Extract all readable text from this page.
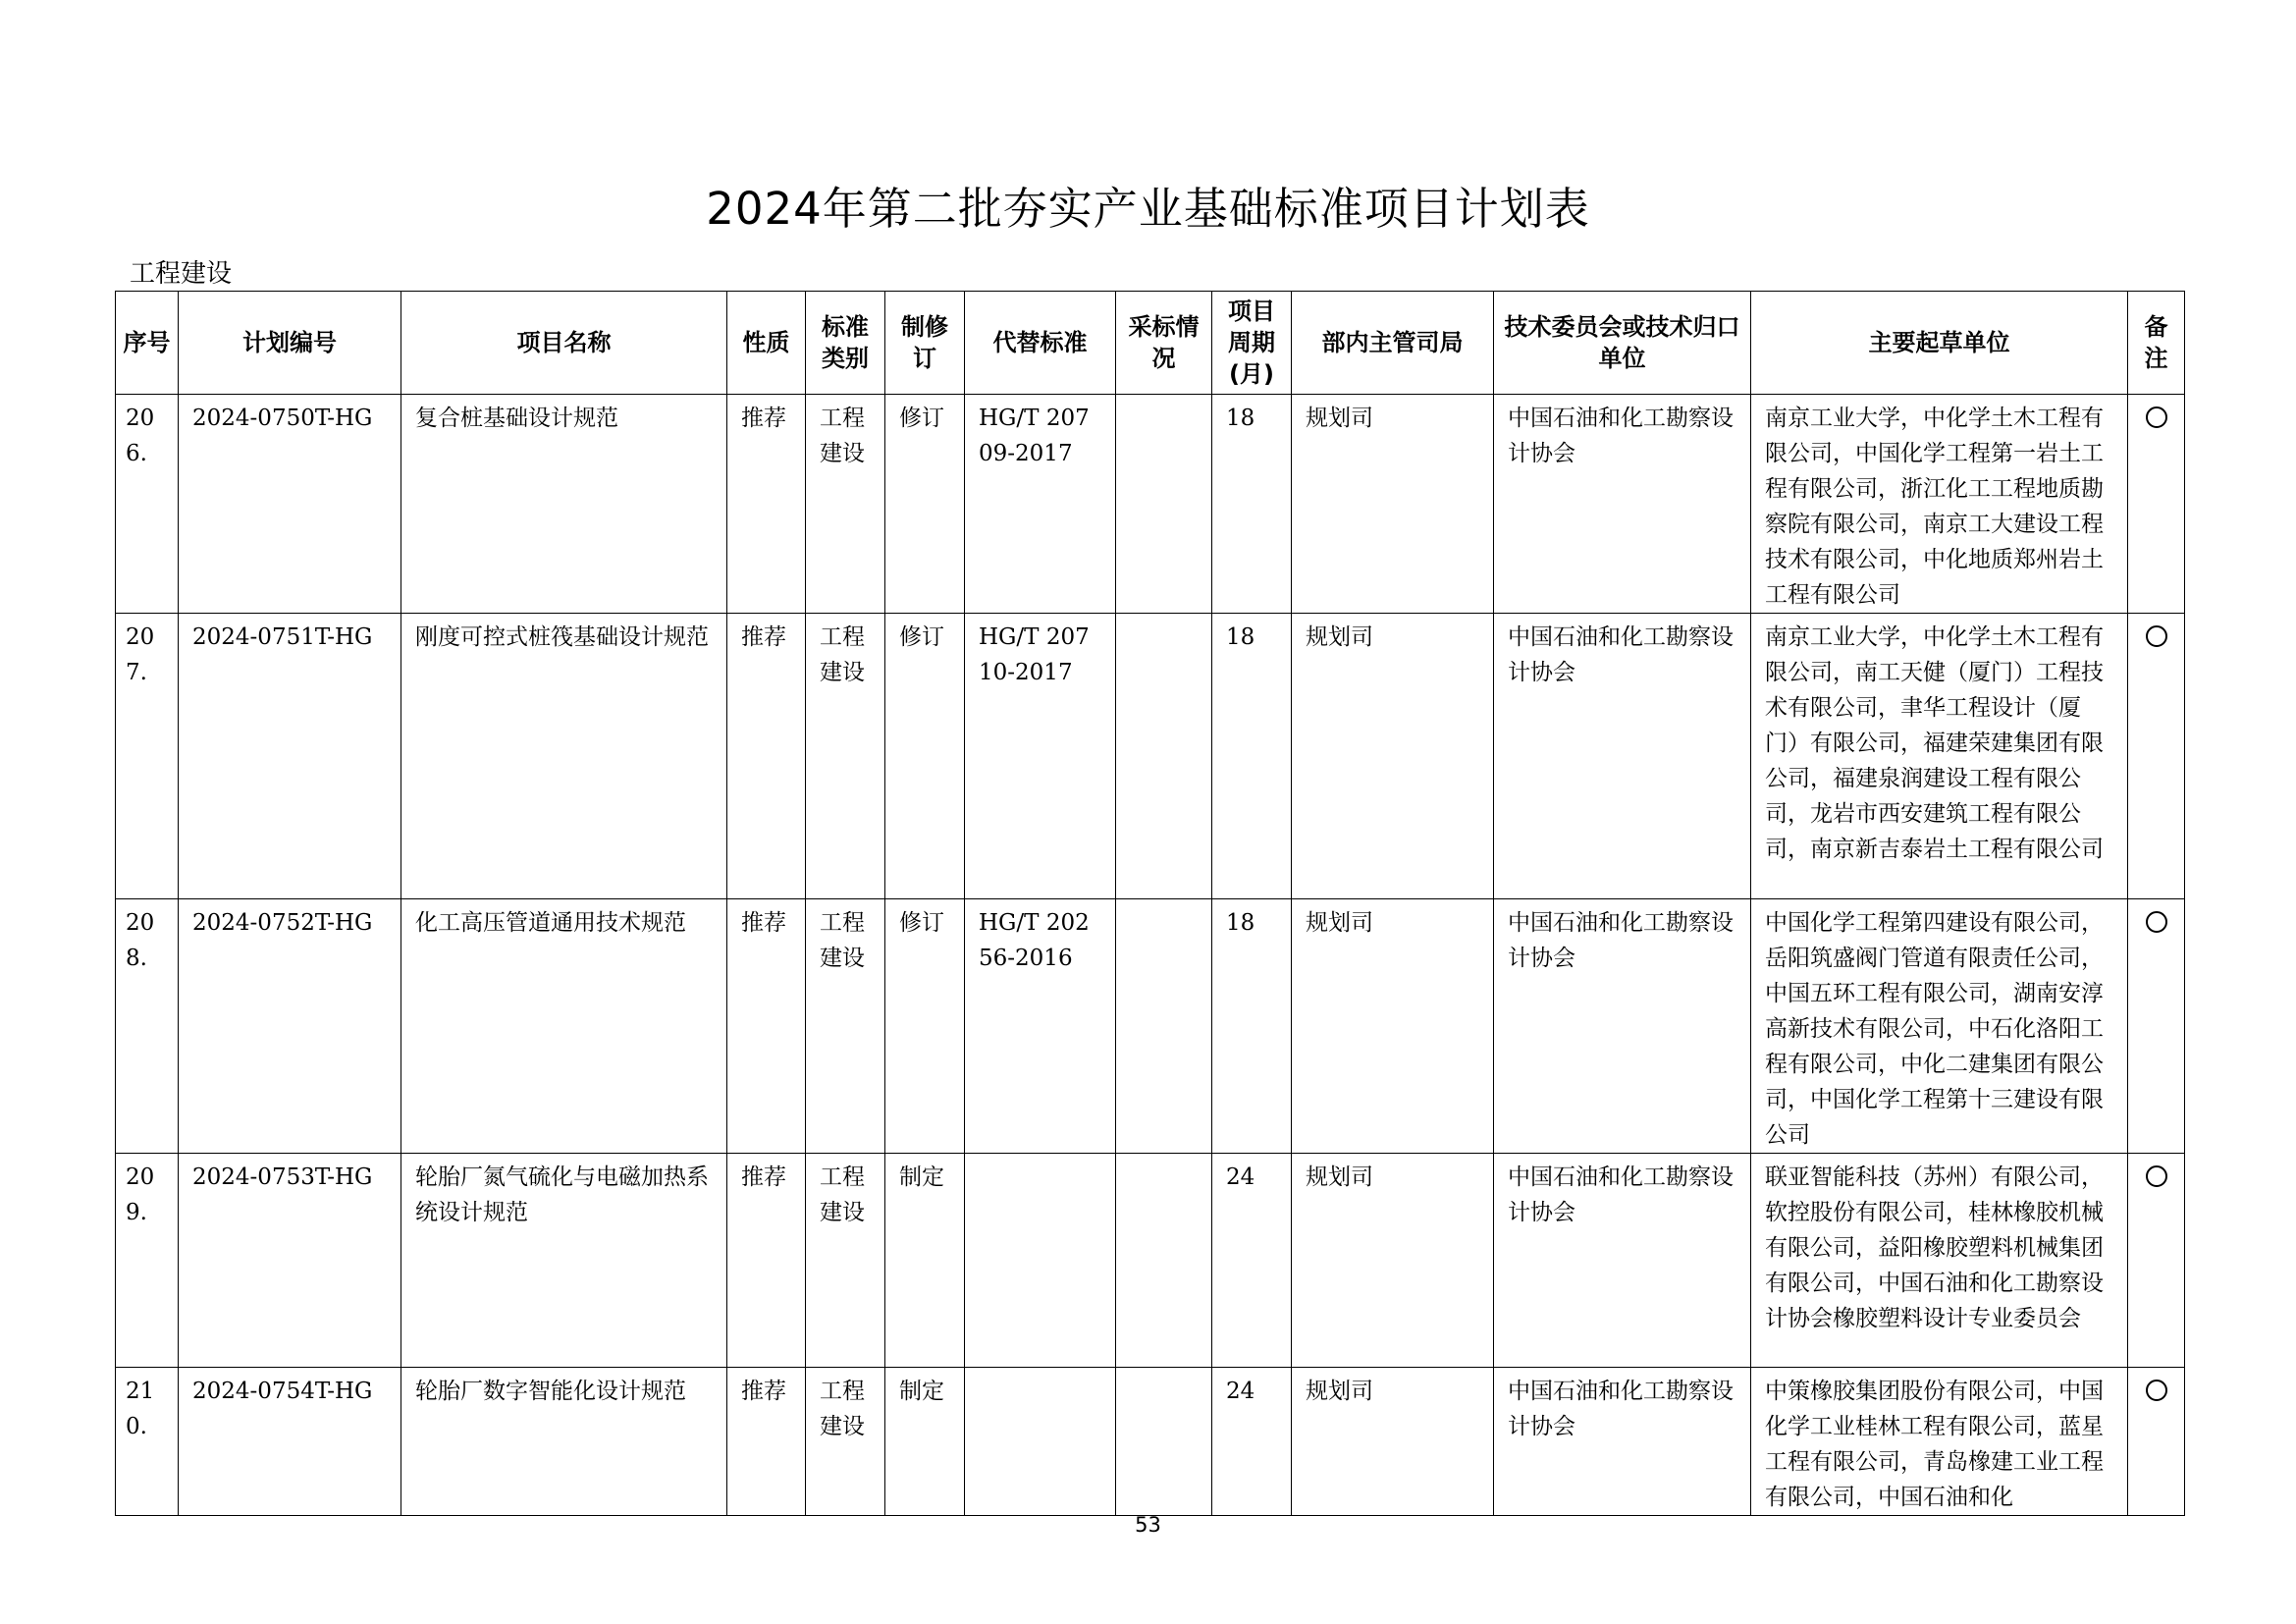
2024年第二批夯实产业基础标准项目计划表
工程建设
序号	计划编号	项目名称	性质	标准类别	制修订	代替标准	采标情况	项目周期(月)	部内主管司局	技术委员会或技术归口单位	主要起草单位	备注
206.	2024-0750T-HG	复合桩基础设计规范	推荐	工程建设	修订	HG/T 20709-2017		18	规划司	中国石油和化工勘察设计协会	南京工业大学，中化学土木工程有限公司，中国化学工程第一岩土工程有限公司，浙江化工工程地质勘察院有限公司，南京工大建设工程技术有限公司，中化地质郑州岩土工程有限公司	
207.	2024-0751T-HG	刚度可控式桩筏基础设计规范	推荐	工程建设	修订	HG/T 20710-2017		18	规划司	中国石油和化工勘察设计协会	南京工业大学，中化学土木工程有限公司，南工天健（厦门）工程技术有限公司，聿华工程设计（厦门）有限公司，福建荣建集团有限公司，福建泉润建设工程有限公司，龙岩市西安建筑工程有限公司，南京新吉泰岩土工程有限公司	
208.	2024-0752T-HG	化工高压管道通用技术规范	推荐	工程建设	修订	HG/T 20256-2016		18	规划司	中国石油和化工勘察设计协会	中国化学工程第四建设有限公司，岳阳筑盛阀门管道有限责任公司，中国五环工程有限公司，湖南安淳高新技术有限公司，中石化洛阳工程有限公司，中化二建集团有限公司，中国化学工程第十三建设有限公司	
209.	2024-0753T-HG	轮胎厂氮气硫化与电磁加热系统设计规范	推荐	工程建设	制定			24	规划司	中国石油和化工勘察设计协会	联亚智能科技（苏州）有限公司，软控股份有限公司，桂林橡胶机械有限公司，益阳橡胶塑料机械集团有限公司，中国石油和化工勘察设计协会橡胶塑料设计专业委员会	
210.	2024-0754T-HG	轮胎厂数字智能化设计规范	推荐	工程建设	制定			24	规划司	中国石油和化工勘察设计协会	中策橡胶集团股份有限公司，中国化学工业桂林工程有限公司，蓝星工程有限公司，青岛橡建工业工程有限公司，中国石油和化	
53
